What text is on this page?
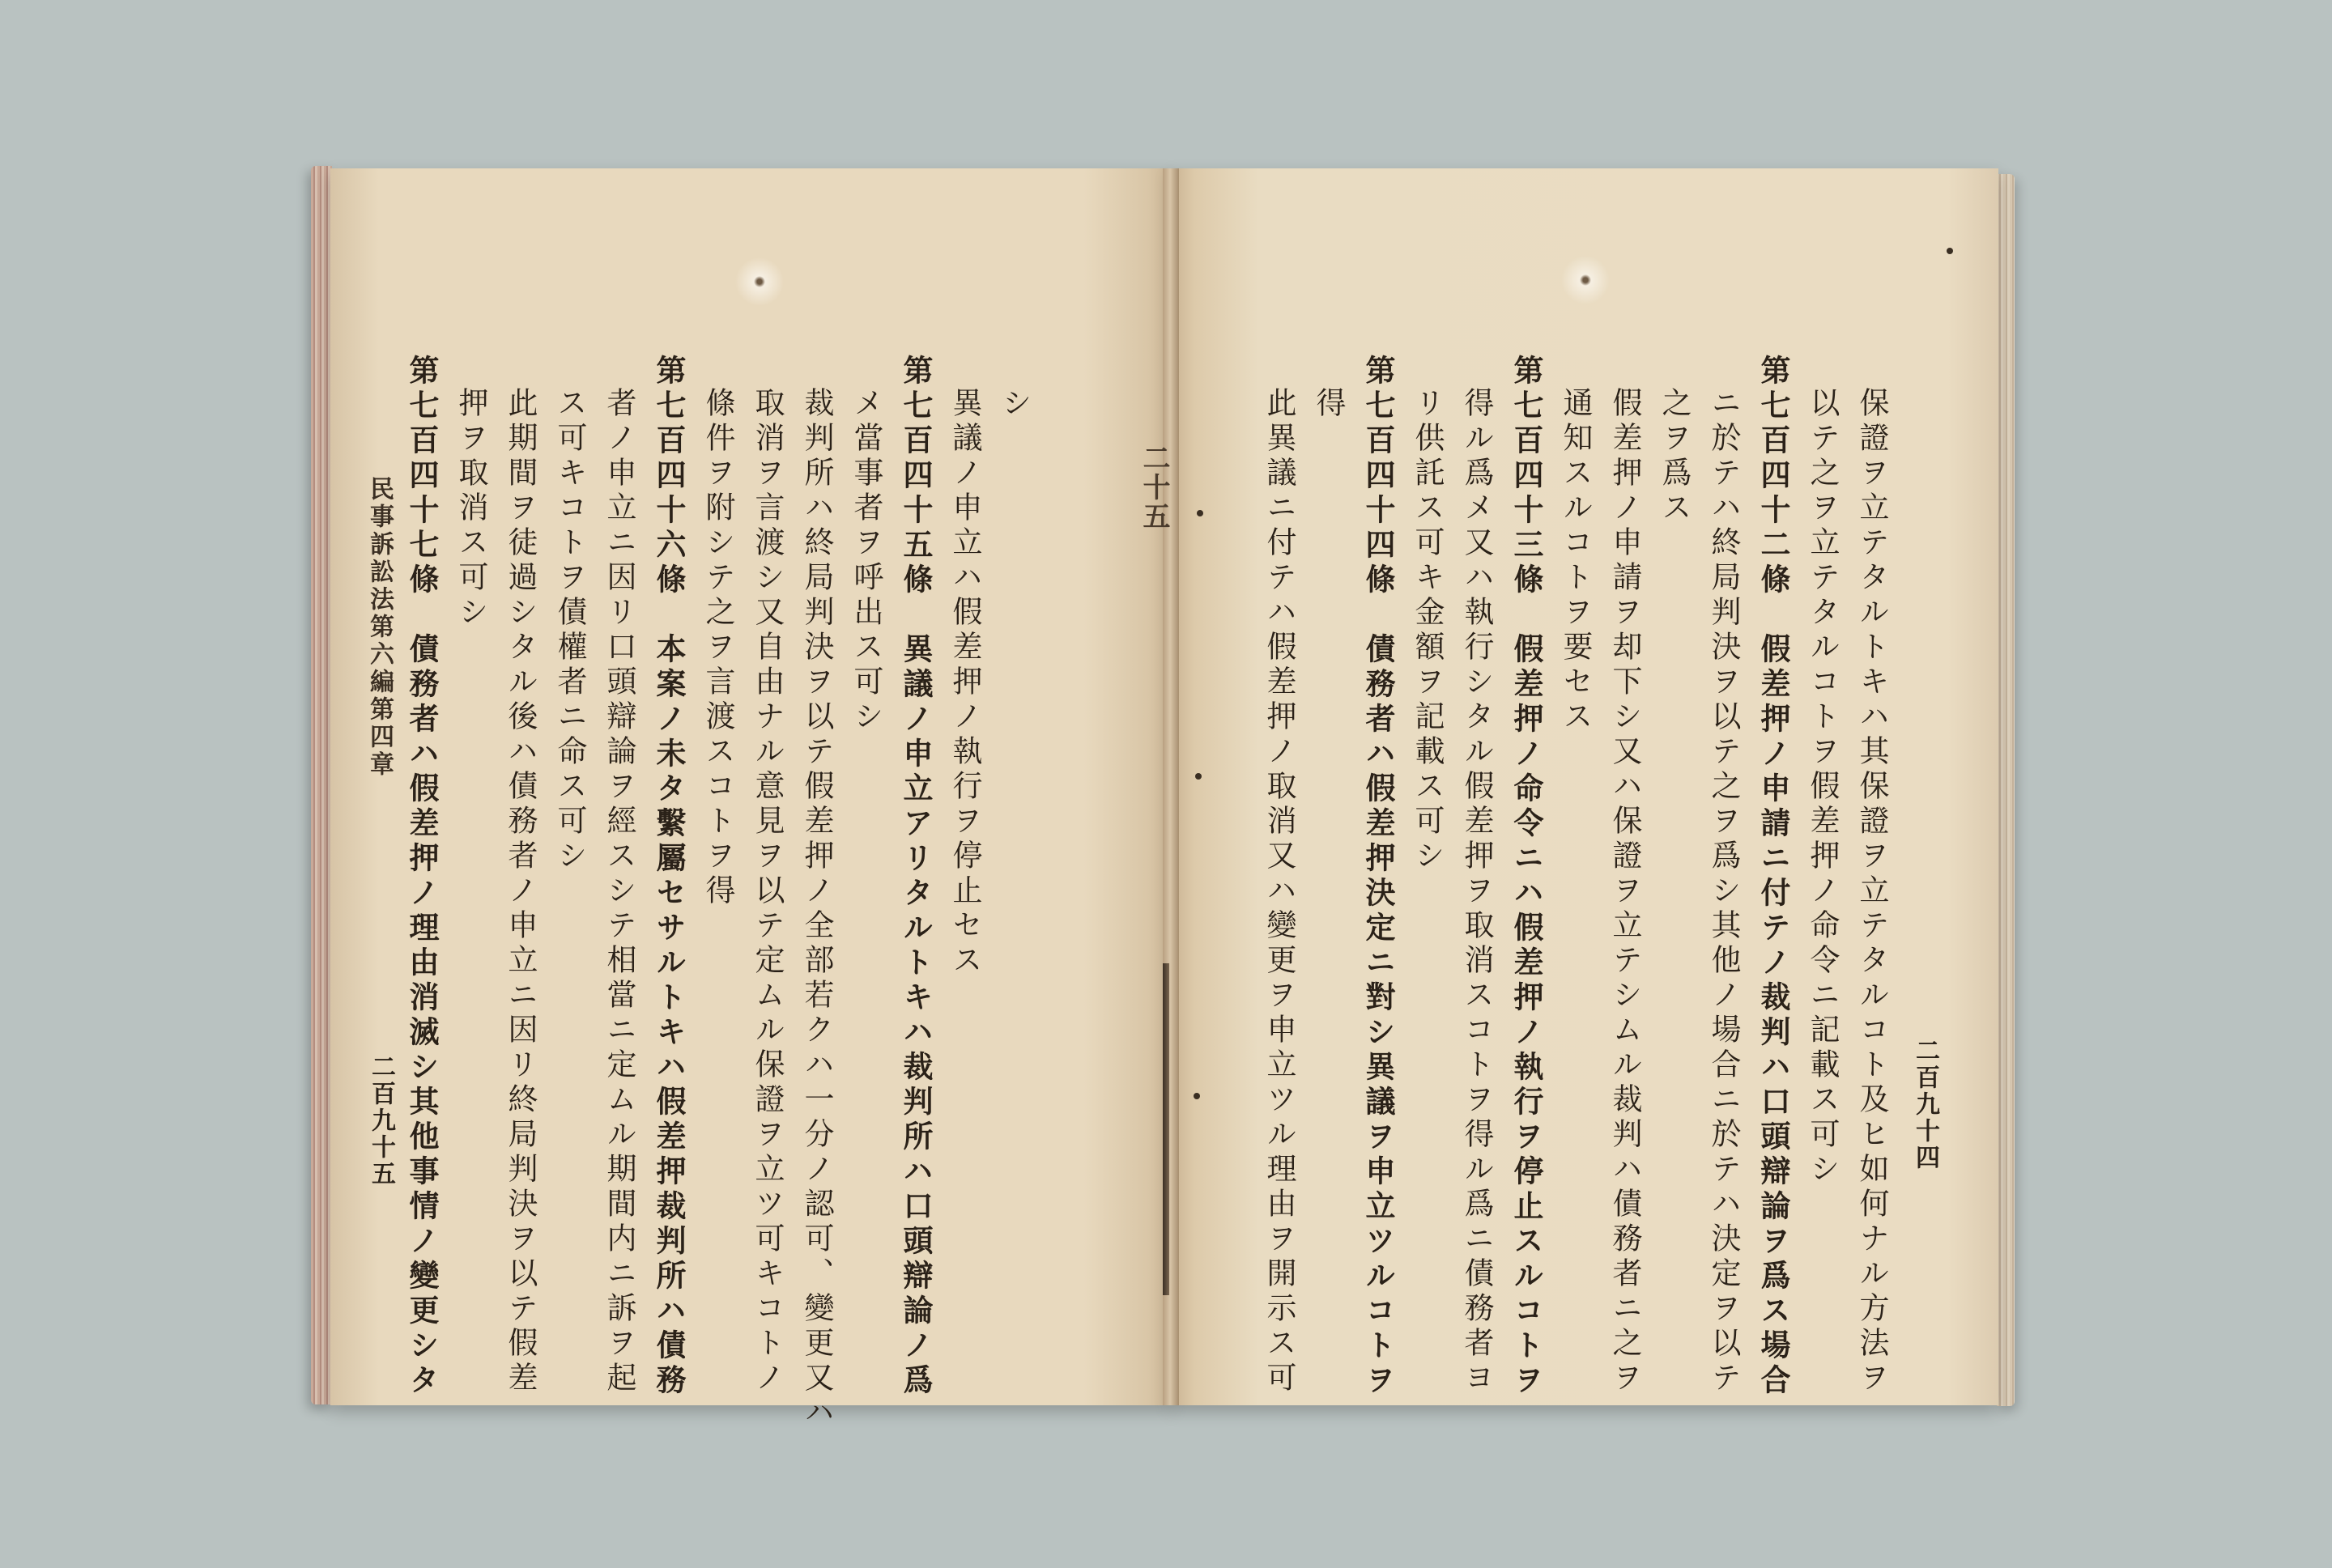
二十五
二百九十四
保證ヲ立テタルトキハ其保證ヲ立テタルコト及ヒ如何ナル方法ヲ
以テ之ヲ立テタルコトヲ假差押ノ命令ニ記載ス可シ
第七百四十二條　假差押ノ申請ニ付テノ裁判ハ口頭辯論ヲ爲ス場合
ニ於テハ終局判決ヲ以テ之ヲ爲シ其他ノ場合ニ於テハ決定ヲ以テ
之ヲ爲ス
假差押ノ申請ヲ却下シ又ハ保證ヲ立テシムル裁判ハ債務者ニ之ヲ
通知スルコトヲ要セス
第七百四十三條　假差押ノ命令ニハ假差押ノ執行ヲ停止スルコトヲ
得ル爲メ又ハ執行シタル假差押ヲ取消スコトヲ得ル爲ニ債務者ヨ
リ供託ス可キ金額ヲ記載ス可シ
第七百四十四條　債務者ハ假差押決定ニ對シ異議ヲ申立ツルコトヲ
得
此異議ニ付テハ假差押ノ取消又ハ變更ヲ申立ツル理由ヲ開示ス可
シ
異議ノ申立ハ假差押ノ執行ヲ停止セス
第七百四十五條　異議ノ申立アリタルトキハ裁判所ハ口頭辯論ノ爲
メ當事者ヲ呼出ス可シ
裁判所ハ終局判決ヲ以テ假差押ノ全部若クハ一分ノ認可、變更又ハ
取消ヲ言渡シ又自由ナル意見ヲ以テ定ムル保證ヲ立ツ可キコトノ
條件ヲ附シテ之ヲ言渡スコトヲ得
第七百四十六條　本案ノ未タ繫屬セサルトキハ假差押裁判所ハ債務
者ノ申立ニ因リ口頭辯論ヲ經スシテ相當ニ定ムル期間内ニ訴ヲ起
ス可キコトヲ債權者ニ命ス可シ
此期間ヲ徒過シタル後ハ債務者ノ申立ニ因リ終局判決ヲ以テ假差
押ヲ取消ス可シ
第七百四十七條　債務者ハ假差押ノ理由消滅シ其他事情ノ變更シタ
民事訴訟法第六編第四章
二百九十五
